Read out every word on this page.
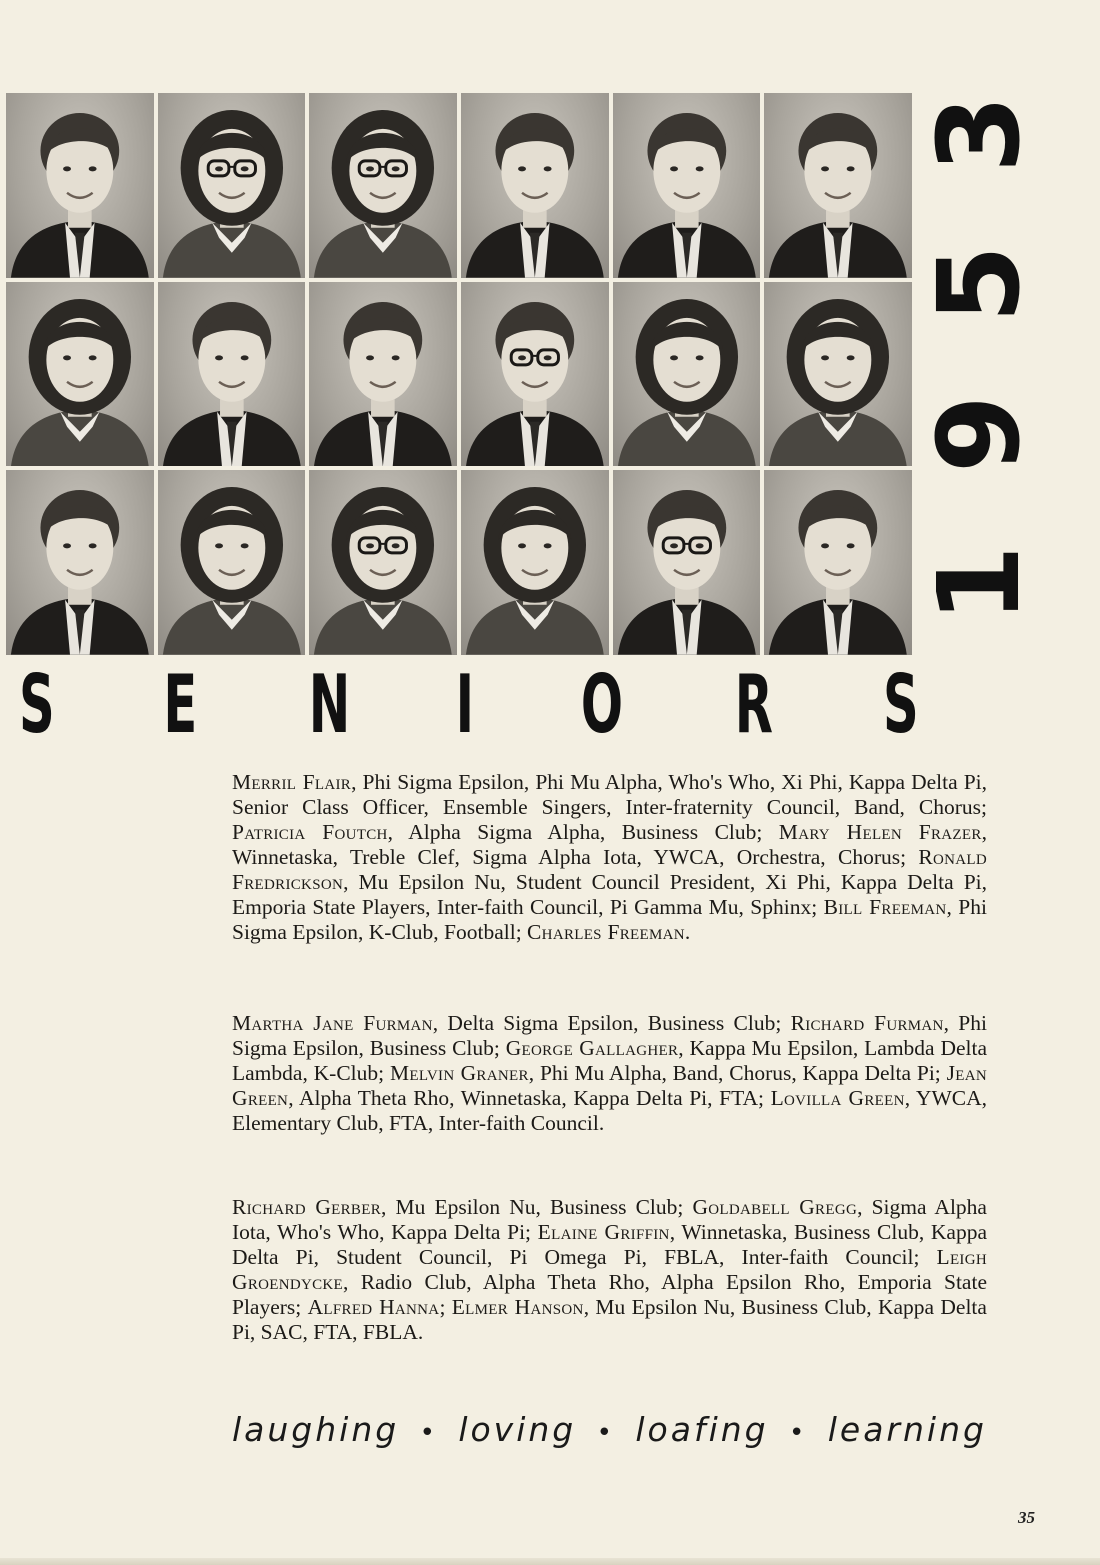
3
5
9
1
S E N I O R S

Merril Flair, Phi Sigma Epsilon, Phi Mu Alpha, Who's Who, Xi Phi, Kappa Delta Pi, Senior Class Officer, Ensemble Singers, Inter-fraternity Council, Band, Chorus; Patricia Foutch, Alpha Sigma Alpha, Business Club; Mary Helen Frazer, Winnetaska, Treble Clef, Sigma Alpha Iota, YWCA, Orchestra, Chorus; Ronald Fredrickson, Mu Epsilon Nu, Student Council President, Xi Phi, Kappa Delta Pi, Emporia State Players, Inter-faith Council, Pi Gamma Mu, Sphinx; Bill Freeman, Phi Sigma Epsilon, K-Club, Football; Charles Freeman.

Martha Jane Furman, Delta Sigma Epsilon, Business Club; Richard Furman, Phi Sigma Epsilon, Business Club; George Gallagher, Kappa Mu Epsilon, Lambda Delta Lambda, K-Club; Melvin Graner, Phi Mu Alpha, Band, Chorus, Kappa Delta Pi; Jean Green, Alpha Theta Rho, Winnetaska, Kappa Delta Pi, FTA; Lovilla Green, YWCA, Elementary Club, FTA, Inter-faith Council.

Richard Gerber, Mu Epsilon Nu, Business Club; Goldabell Gregg, Sigma Alpha Iota, Who's Who, Kappa Delta Pi; Elaine Griffin, Winnetaska, Business Club, Kappa Delta Pi, Student Council, Pi Omega Pi, FBLA, Inter-faith Council; Leigh Groendycke, Radio Club, Alpha Theta Rho, Alpha Epsilon Rho, Emporia State Players; Alfred Hanna; Elmer Hanson, Mu Epsilon Nu, Business Club, Kappa Delta Pi, SAC, FTA, FBLA.

laughing • loving • loafing • learning
35
